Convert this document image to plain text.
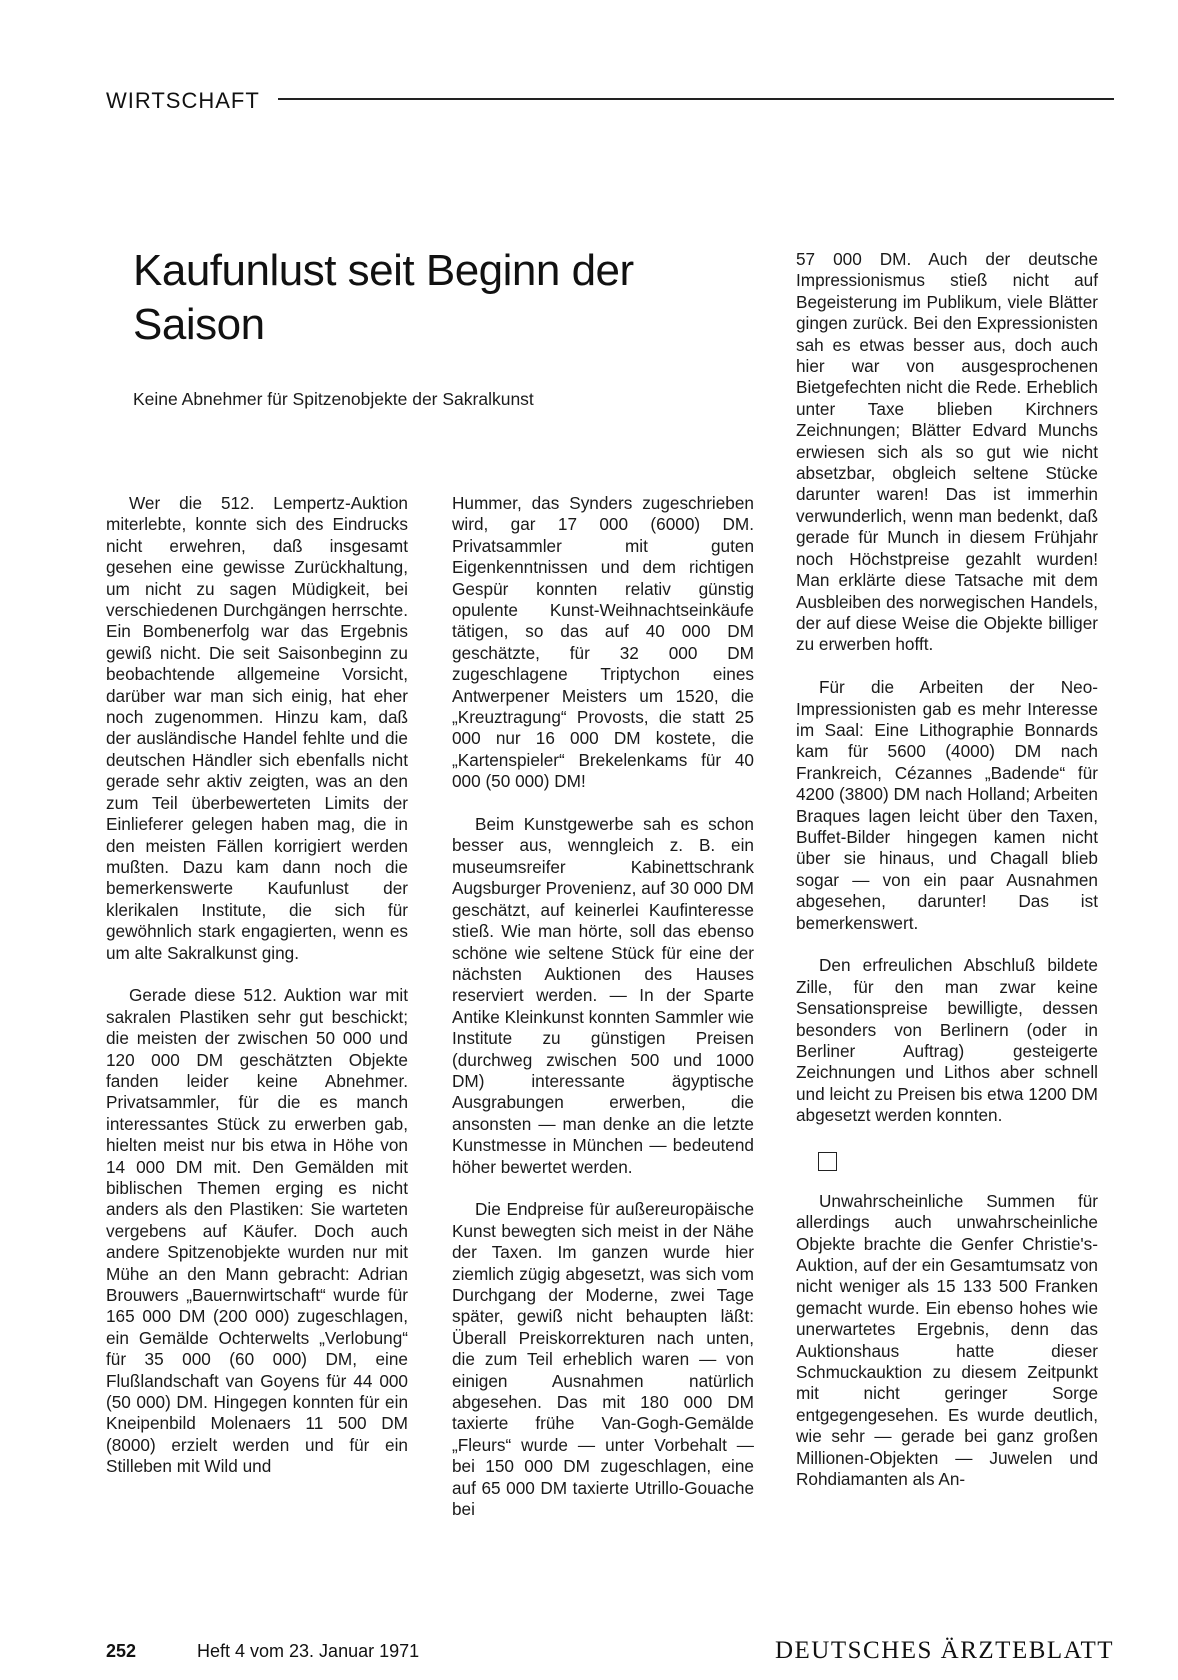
WIRTSCHAFT
Kaufunlust seit Beginn der Saison
Keine Abnehmer für Spitzenobjekte der Sakralkunst

Wer die 512. Lempertz-Auktion miterlebte, konnte sich des Eindrucks nicht erwehren, daß insgesamt gesehen eine gewisse Zurückhaltung, um nicht zu sagen Müdigkeit, bei verschiedenen Durchgängen herrschte. Ein Bombenerfolg war das Ergebnis gewiß nicht. Die seit Saisonbeginn zu beobachtende allgemeine Vorsicht, darüber war man sich einig, hat eher noch zugenommen. Hinzu kam, daß der ausländische Handel fehlte und die deutschen Händler sich ebenfalls nicht gerade sehr aktiv zeigten, was an den zum Teil überbewerteten Limits der Einlieferer gelegen haben mag, die in den meisten Fällen korrigiert werden mußten. Dazu kam dann noch die bemerkenswerte Kaufunlust der klerikalen Institute, die sich für gewöhnlich stark engagierten, wenn es um alte Sakralkunst ging.

Gerade diese 512. Auktion war mit sakralen Plastiken sehr gut beschickt; die meisten der zwischen 50 000 und 120 000 DM geschätzten Objekte fanden leider keine Abnehmer. Privatsammler, für die es manch interessantes Stück zu erwerben gab, hielten meist nur bis etwa in Höhe von 14 000 DM mit. Den Gemälden mit biblischen Themen erging es nicht anders als den Plastiken: Sie warteten vergebens auf Käufer. Doch auch andere Spitzenobjekte wurden nur mit Mühe an den Mann gebracht: Adrian Brouwers „Bauernwirtschaft“ wurde für 165 000 DM (200 000) zugeschlagen, ein Gemälde Ochterwelts „Verlobung“ für 35 000 (60 000) DM, eine Flußlandschaft van Goyens für 44 000 (50 000) DM. Hingegen konnten für ein Kneipenbild Molenaers 11 500 DM (8000) erzielt werden und für ein Stilleben mit Wild und

Hummer, das Synders zugeschrieben wird, gar 17 000 (6000) DM. Privatsammler mit guten Eigenkenntnissen und dem richtigen Gespür konnten relativ günstig opulente Kunst-Weihnachtseinkäufe tätigen, so das auf 40 000 DM geschätzte, für 32 000 DM zugeschlagene Triptychon eines Antwerpener Meisters um 1520, die „Kreuztragung“ Provosts, die statt 25 000 nur 16 000 DM kostete, die „Kartenspieler“ Brekelenkams für 40 000 (50 000) DM!

Beim Kunstgewerbe sah es schon besser aus, wenngleich z. B. ein museumsreifer Kabinettschrank Augsburger Provenienz, auf 30 000 DM geschätzt, auf keinerlei Kaufinteresse stieß. Wie man hörte, soll das ebenso schöne wie seltene Stück für eine der nächsten Auktionen des Hauses reserviert werden. — In der Sparte Antike Kleinkunst konnten Sammler wie Institute zu günstigen Preisen (durchweg zwischen 500 und 1000 DM) interessante ägyptische Ausgrabungen erwerben, die ansonsten — man denke an die letzte Kunstmesse in München — bedeutend höher bewertet werden.

Die Endpreise für außereuropäische Kunst bewegten sich meist in der Nähe der Taxen. Im ganzen wurde hier ziemlich zügig abgesetzt, was sich vom Durchgang der Moderne, zwei Tage später, gewiß nicht behaupten läßt: Überall Preiskorrekturen nach unten, die zum Teil erheblich waren — von einigen Ausnahmen natürlich abgesehen. Das mit 180 000 DM taxierte frühe Van-Gogh-Gemälde „Fleurs“ wurde — unter Vorbehalt — bei 150 000 DM zugeschlagen, eine auf 65 000 DM taxierte Utrillo-Gouache bei

57 000 DM. Auch der deutsche Impressionismus stieß nicht auf Begeisterung im Publikum, viele Blätter gingen zurück. Bei den Expressionisten sah es etwas besser aus, doch auch hier war von ausgesprochenen Bietgefechten nicht die Rede. Erheblich unter Taxe blieben Kirchners Zeichnungen; Blätter Edvard Munchs erwiesen sich als so gut wie nicht absetzbar, obgleich seltene Stücke darunter waren! Das ist immerhin verwunderlich, wenn man bedenkt, daß gerade für Munch in diesem Frühjahr noch Höchstpreise gezahlt wurden! Man erklärte diese Tatsache mit dem Ausbleiben des norwegischen Handels, der auf diese Weise die Objekte billiger zu erwerben hofft.

Für die Arbeiten der Neo-Impressionisten gab es mehr Interesse im Saal: Eine Lithographie Bonnards kam für 5600 (4000) DM nach Frankreich, Cézannes „Badende“ für 4200 (3800) DM nach Holland; Arbeiten Braques lagen leicht über den Taxen, Buffet-Bilder hingegen kamen nicht über sie hinaus, und Chagall blieb sogar — von ein paar Ausnahmen abgesehen, darunter! Das ist bemerkenswert.

Den erfreulichen Abschluß bildete Zille, für den man zwar keine Sensationspreise bewilligte, dessen besonders von Berlinern (oder in Berliner Auftrag) gesteigerte Zeichnungen und Lithos aber schnell und leicht zu Preisen bis etwa 1200 DM abgesetzt werden konnten.

Unwahrscheinliche Summen für allerdings auch unwahrscheinliche Objekte brachte die Genfer Christie's-Auktion, auf der ein Gesamtumsatz von nicht weniger als 15 133 500 Franken gemacht wurde. Ein ebenso hohes wie unerwartetes Ergebnis, denn das Auktionshaus hatte dieser Schmuckauktion zu diesem Zeitpunkt mit nicht geringer Sorge entgegengesehen. Es wurde deutlich, wie sehr — gerade bei ganz großen Millionen-Objekten — Juwelen und Rohdiamanten als An-

252	Heft 4 vom 23. Januar 1971	DEUTSCHES ÄRZTEBLATT
